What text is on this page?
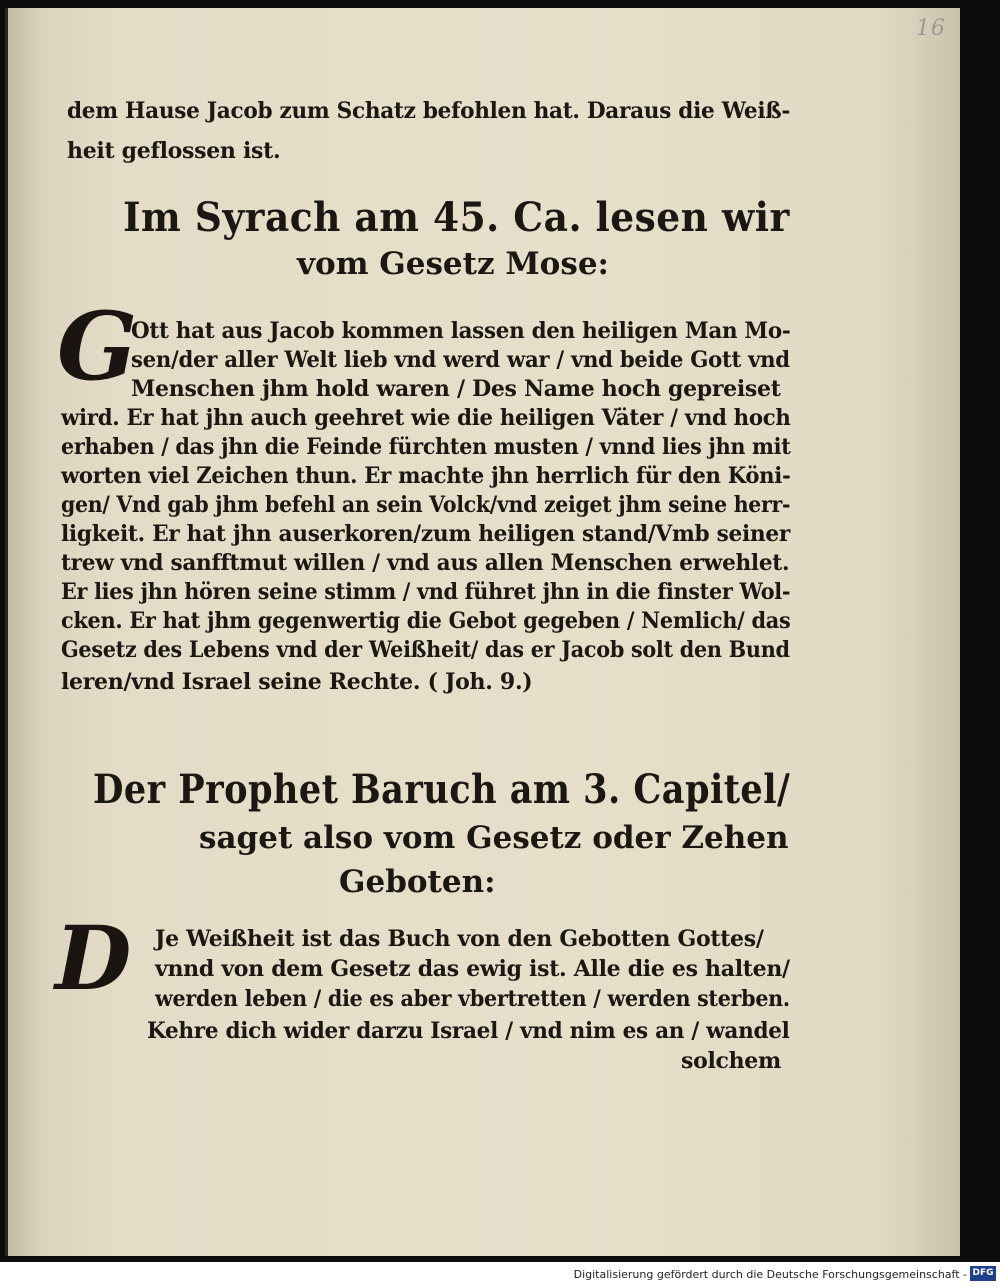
16
dem Hause Jacob zum Schatz befohlen hat. Daraus die Weiß-
heit geflossen ist.
Im Syrach am 45. Ca. lesen wir
vom Gesetz Mose:
G
Ott hat aus Jacob kommen lassen den heiligen Man Mo-
sen/der aller Welt lieb vnd werd war / vnd beide Gott vnd
Menschen jhm hold waren / Des Name hoch gepreiset
wird. Er hat jhn auch geehret wie die heiligen Väter / vnd hoch
erhaben / das jhn die Feinde fürchten musten / vnnd lies jhn mit
worten viel Zeichen thun. Er machte jhn herrlich für den Köni-
gen/ Vnd gab jhm befehl an sein Volck/vnd zeiget jhm seine herr-
ligkeit. Er hat jhn auserkoren/zum heiligen stand/Vmb seiner
trew vnd sanfftmut willen / vnd aus allen Menschen erwehlet.
Er lies jhn hören seine stimm / vnd führet jhn in die finster Wol-
cken. Er hat jhm gegenwertig die Gebot gegeben / Nemlich/ das
Gesetz des Lebens vnd der Weißheit/ das er Jacob solt den Bund
leren/vnd Israel seine Rechte. ( Joh. 9.)
Der Prophet Baruch am 3. Capitel/
saget also vom Gesetz oder Zehen
Geboten:
D Je Weißheit ist das Buch von den Gebotten Gottes/
vnnd von dem Gesetz das ewig ist. Alle die es halten/
werden leben / die es aber vbertretten / werden sterben.
Kehre dich wider darzu Israel / vnd nim es an / wandel
solchem
Digitalisierung gefördert durch die Deutsche Forschungsgemeinschaft - DFG
